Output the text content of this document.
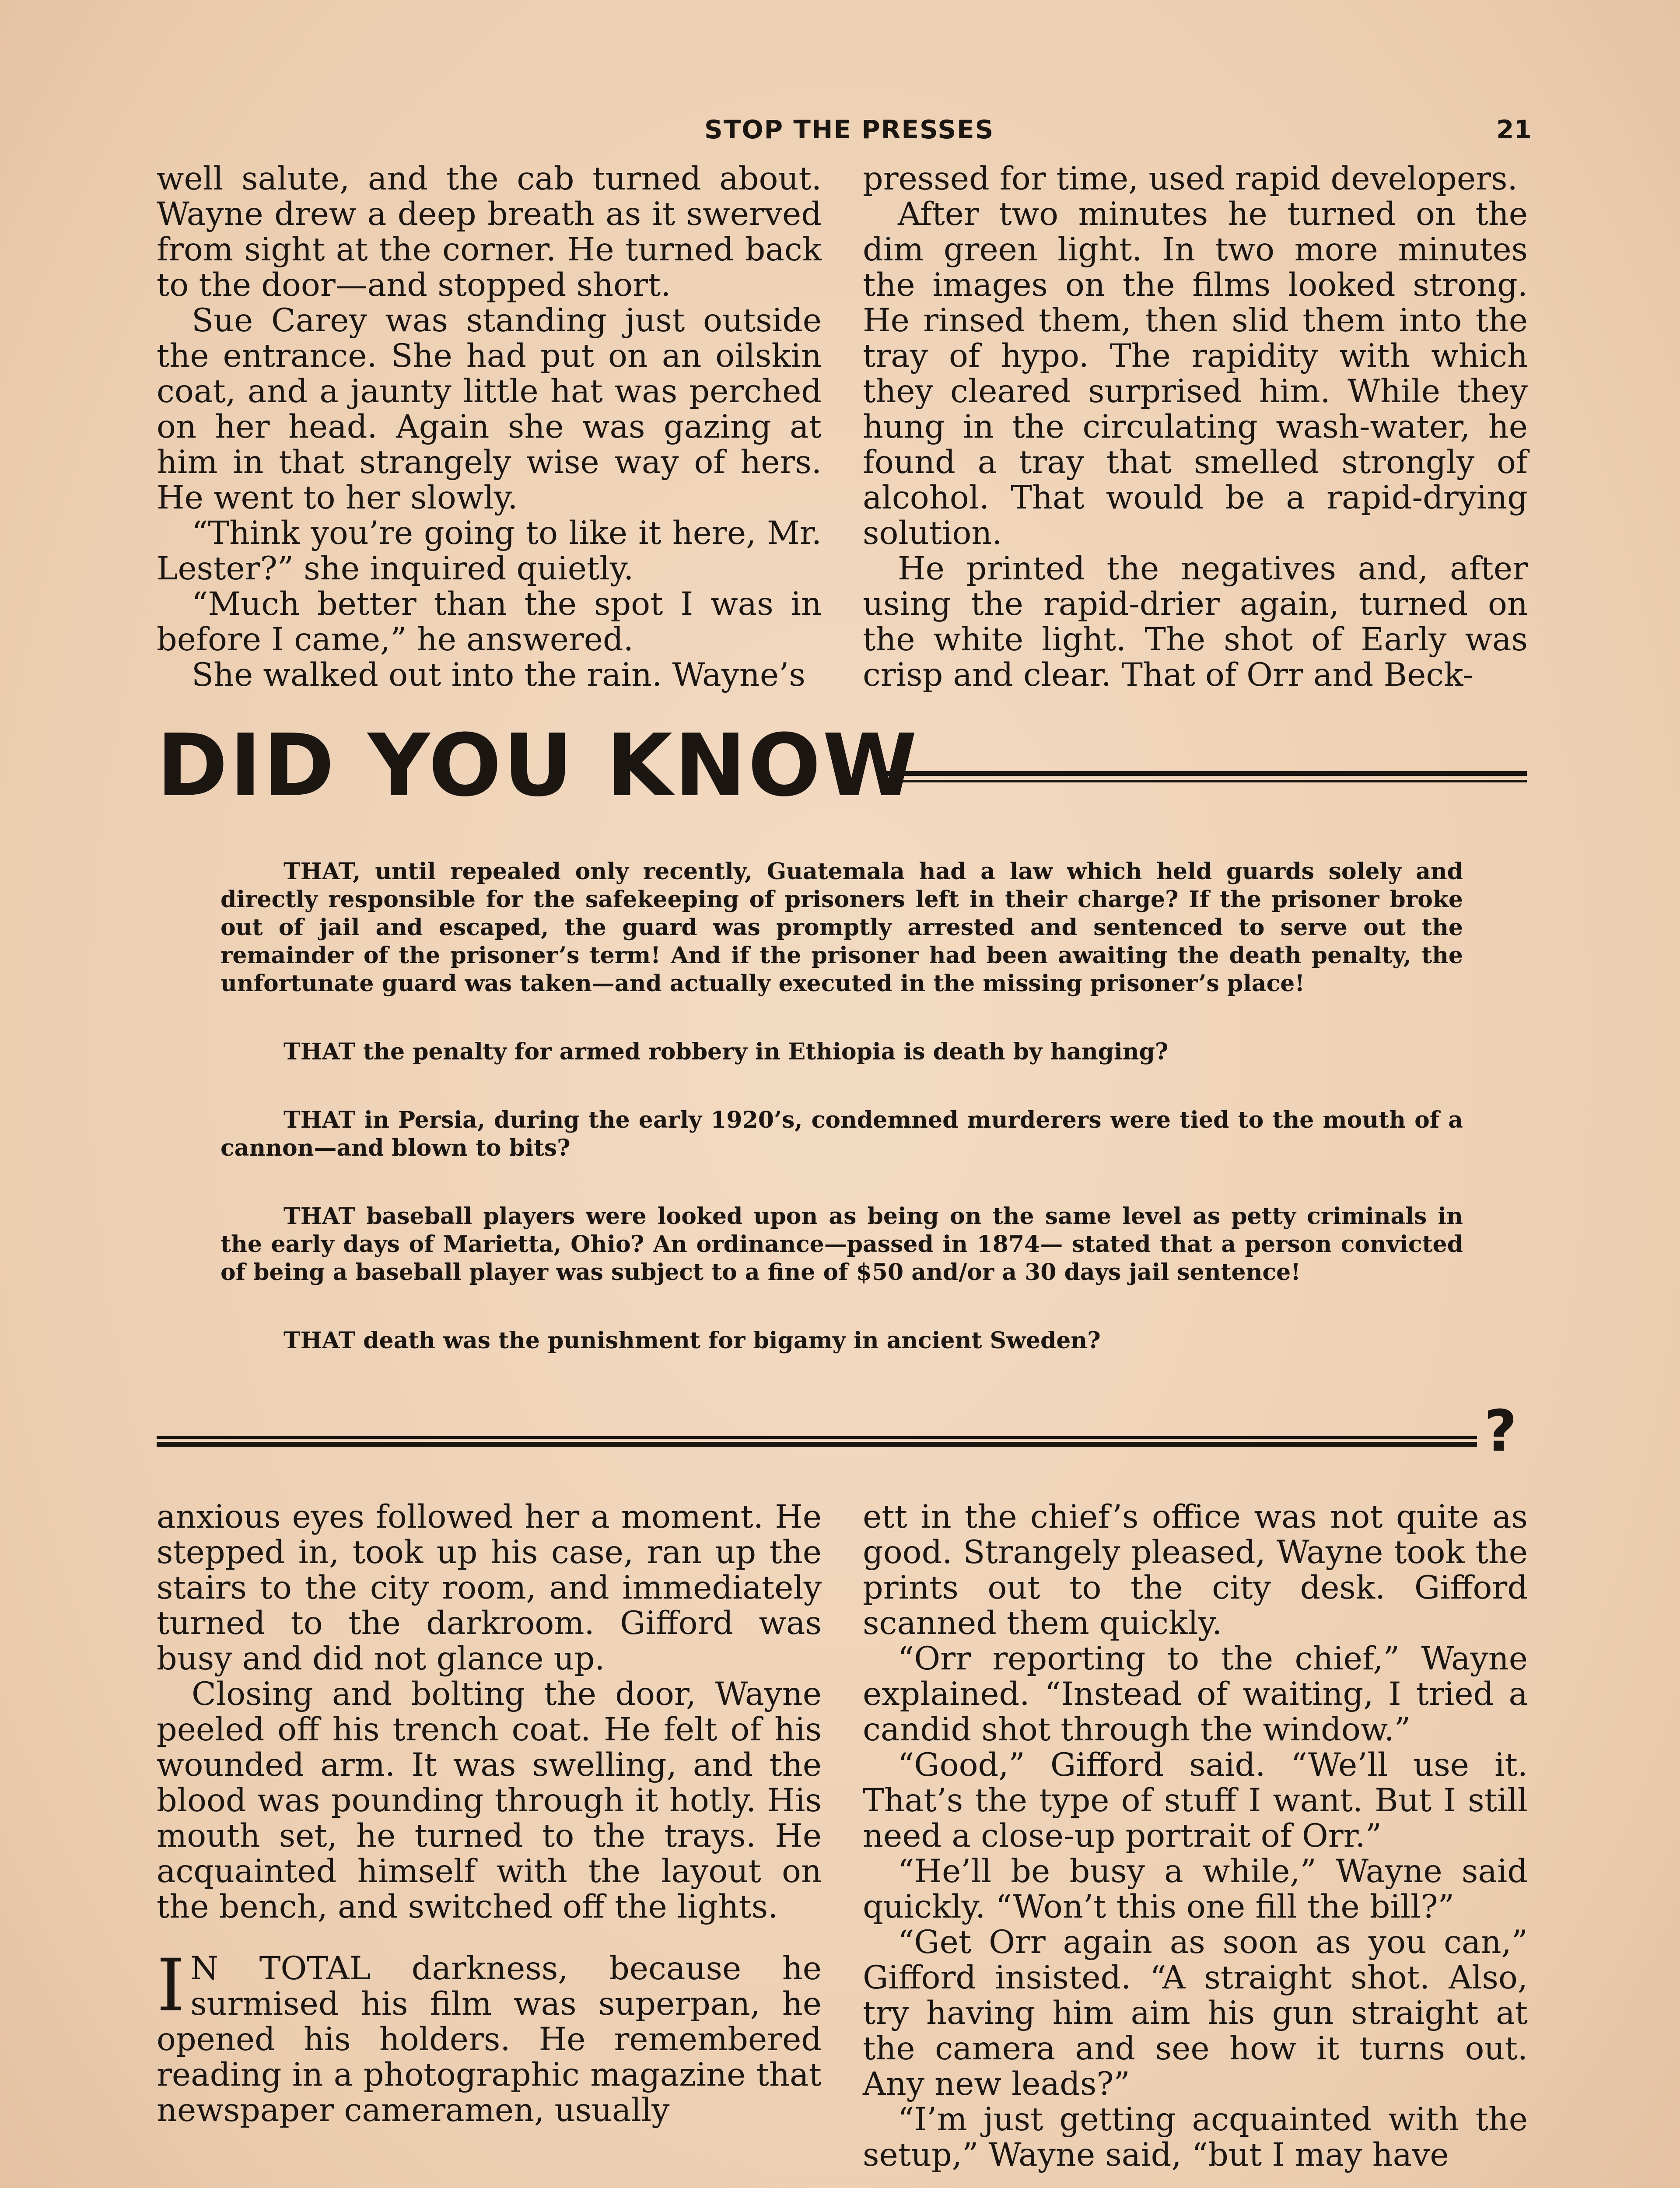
STOP THE PRESSES	21

well salute, and the cab turned about. Wayne drew a deep breath as it swerved from sight at the corner. He turned back to the door—and stopped short.

Sue Carey was standing just outside the entrance. She had put on an oilskin coat, and a jaunty little hat was perched on her head. Again she was gazing at him in that strangely wise way of hers. He went to her slowly.

“Think you’re going to like it here, Mr. Lester?” she inquired quietly.

“Much better than the spot I was in before I came,” he answered.

She walked out into the rain. Wayne’s

pressed for time, used rapid developers.

After two minutes he turned on the dim green light. In two more minutes the images on the films looked strong. He rinsed them, then slid them into the tray of hypo. The rapidity with which they cleared surprised him. While they hung in the circulating wash-water, he found a tray that smelled strongly of alcohol. That would be a rapid-drying solution.

He printed the negatives and, after using the rapid-drier again, turned on the white light. The shot of Early was crisp and clear. That of Orr and Beck-

DID YOU KNOW

THAT, until repealed only recently, Guatemala had a law which held guards solely and directly responsible for the safekeeping of prisoners left in their charge? If the prisoner broke out of jail and escaped, the guard was promptly arrested and sentenced to serve out the remainder of the prisoner’s term! And if the prisoner had been awaiting the death penalty, the unfortunate guard was taken—and actually executed in the missing prisoner’s place!

THAT the penalty for armed robbery in Ethiopia is death by hanging?

THAT in Persia, during the early 1920’s, condemned murderers were tied to the mouth of a cannon—and blown to bits?

THAT baseball players were looked upon as being on the same level as petty criminals in the early days of Marietta, Ohio? An ordinance—passed in 1874— stated that a person convicted of being a baseball player was subject to a fine of $50 and/or a 30 days jail sentence!

THAT death was the punishment for bigamy in ancient Sweden?

?

anxious eyes followed her a moment. He stepped in, took up his case, ran up the stairs to the city room, and immediately turned to the darkroom. Gifford was busy and did not glance up.

Closing and bolting the door, Wayne peeled off his trench coat. He felt of his wounded arm. It was swelling, and the blood was pounding through it hotly. His mouth set, he turned to the trays. He acquainted himself with the layout on the bench, and switched off the lights.

I N TOTAL darkness, because he surmised his film was superpan, he opened his holders. He remembered reading in a photographic magazine that newspaper cameramen, usually

ett in the chief’s office was not quite as good. Strangely pleased, Wayne took the prints out to the city desk. Gifford scanned them quickly.

“Orr reporting to the chief,” Wayne explained. “Instead of waiting, I tried a candid shot through the window.”

“Good,” Gifford said. “We’ll use it. That’s the type of stuff I want. But I still need a close-up portrait of Orr.”

“He’ll be busy a while,” Wayne said quickly. “Won’t this one fill the bill?”

“Get Orr again as soon as you can,” Gifford insisted. “A straight shot. Also, try having him aim his gun straight at the camera and see how it turns out. Any new leads?”

“I’m just getting acquainted with the setup,” Wayne said, “but I may have
